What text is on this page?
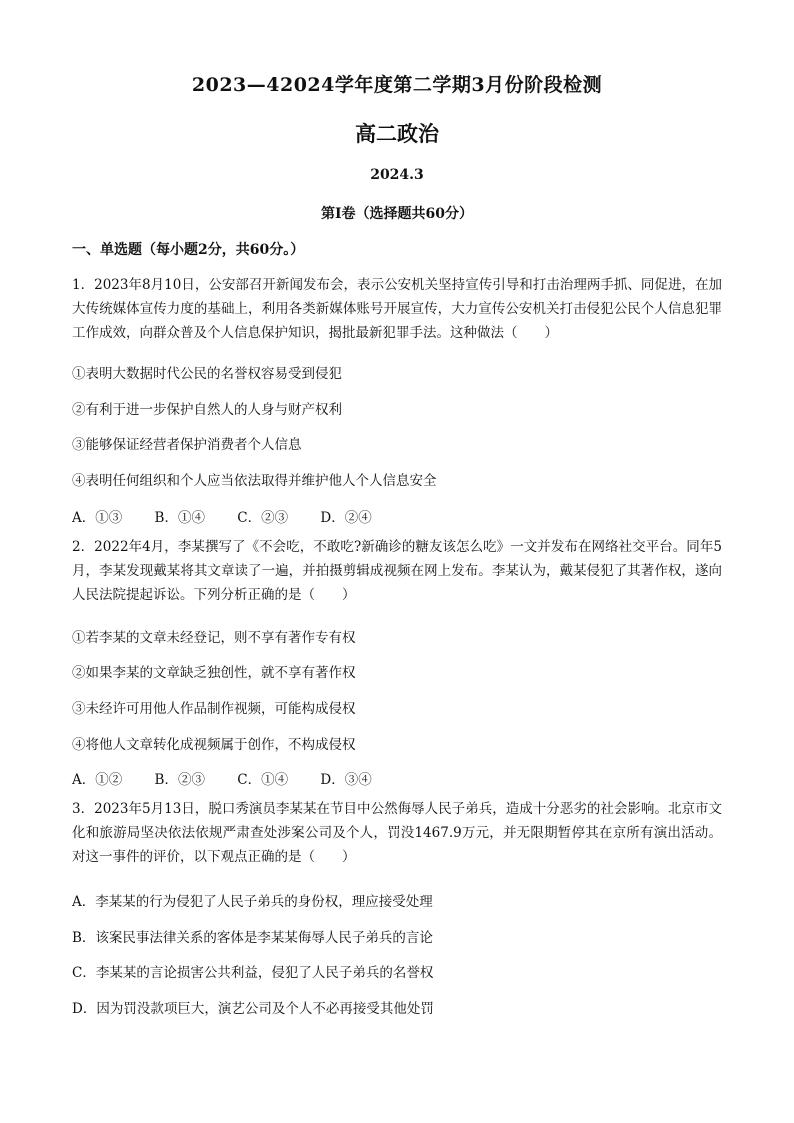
2023—42024学年度第二学期3月份阶段检测
高二政治
2024.3
第Ⅰ卷（选择题共60分）
一、单选题（每小题2分，共60分。）
1．2023年8月10日，公安部召开新闻发布会，表示公安机关坚持宣传引导和打击治理两手抓、同促进，在加大传统媒体宣传力度的基础上，利用各类新媒体账号开展宣传，大力宣传公安机关打击侵犯公民个人信息犯罪工作成效，向群众普及个人信息保护知识，揭批最新犯罪手法。这种做法（　　）
①表明大数据时代公民的名誉权容易受到侵犯
②有利于进一步保护自然人的人身与财产权利
③能够保证经营者保护消费者个人信息
④表明任何组织和个人应当依法取得并维护他人个人信息安全
A．①③ B．①④ C．②③ D．②④
2．2022年4月，李某撰写了《不会吃，不敢吃?新确诊的糖友该怎么吃》一文并发布在网络社交平台。同年5月，李某发现戴某将其文章读了一遍，并拍摄剪辑成视频在网上发布。李某认为，戴某侵犯了其著作权，遂向人民法院提起诉讼。下列分析正确的是（　　）
①若李某的文章未经登记，则不享有著作专有权
②如果李某的文章缺乏独创性，就不享有著作权
③未经许可用他人作品制作视频，可能构成侵权
④将他人文章转化成视频属于创作，不构成侵权
A．①② B．②③ C．①④ D．③④
3．2023年5月13日，脱口秀演员李某某在节目中公然侮辱人民子弟兵，造成十分恶劣的社会影响。北京市文化和旅游局坚决依法依规严肃查处涉案公司及个人，罚没1467.9万元，并无限期暂停其在京所有演出活动。对这一事件的评价，以下观点正确的是（　　）
A．李某某的行为侵犯了人民子弟兵的身份权，理应接受处理
B．该案民事法律关系的客体是李某某侮辱人民子弟兵的言论
C．李某某的言论损害公共利益，侵犯了人民子弟兵的名誉权
D．因为罚没款项巨大，演艺公司及个人不必再接受其他处罚
